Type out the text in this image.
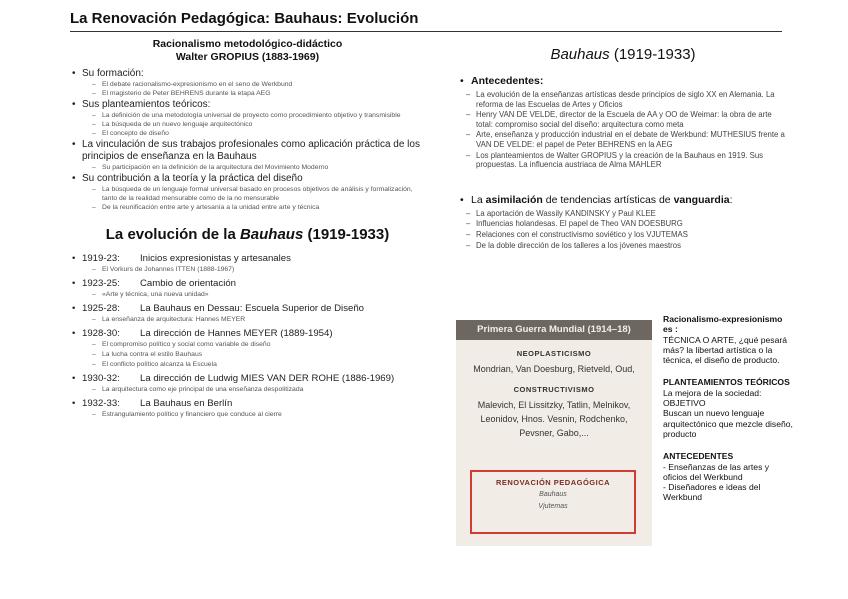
La Renovación Pedagógica: Bauhaus: Evolución
Racionalismo metodológico-didáctico
Walter GROPIUS (1883-1969)
• Su formación:
– El debate racionalismo-expresionismo en el seno de Werkbund
– El magisterio de Peter BEHRENS durante la etapa AEG
• Sus planteamientos teóricos:
– La definición de una metodología universal de proyecto como procedimiento objetivo y transmisible
– La búsqueda de un nuevo lenguaje arquitectónico
– El concepto de diseño
• La vinculación de sus trabajos profesionales como aplicación práctica de los principios de enseñanza en la Bauhaus
– Su participación en la definición de la arquitectura del Movimiento Moderno
• Su contribución a la teoría y la práctica del diseño
– La búsqueda de un lenguaje formal universal basado en procesos objetivos de análisis y formalización, tanto de la realidad mensurable como de la no mensurable
– De la reunificación entre arte y artesanía a la unidad entre arte y técnica
La evolución de la Bauhaus (1919-1933)
• 1919-23: Inicios expresionistas y artesanales
– El Vorkurs de Johannes ITTEN (1888-1967)
• 1923-25: Cambio de orientación
– «Arte y técnica, una nueva unidad»
• 1925-28: La Bauhaus en Dessau: Escuela Superior de Diseño
– La enseñanza de arquitectura: Hannes MEYER
• 1928-30: La dirección de Hannes MEYER (1889-1954)
– El compromiso político y social como variable de diseño
– La lucha contra el estilo Bauhaus
– El conflicto político alcanza la Escuela
• 1930-32: La dirección de Ludwig MIES VAN DER ROHE (1886-1969)
– La arquitectura como eje principal de una enseñanza despolitizada
• 1932-33: La Bauhaus en Berlín
– Estrangulamiento político y financiero que conduce al cierre
Bauhaus (1919-1933)
• Antecedentes:
– La evolución de la enseñanzas artísticas desde principios de siglo XX en Alemania. La reforma de las Escuelas de Artes y Oficios
– Henry VAN DE VELDE, director de la Escuela de AA y OO de Weimar: la obra de arte total: compromiso social del diseño: arquitectura como meta
– Arte, enseñanza y producción industrial en el debate de Werkbund: MUTHESIUS frente a VAN DE VELDE: el papel de Peter BEHRENS en la AEG
– Los planteamientos de Walter GROPIUS y la creación de la Bauhaus en 1919. Sus propuestas. La influencia austriaca de Alma MAHLER
• La asimilación de tendencias artísticas de vanguardia:
– La aportación de Wassily KANDINSKY y Paul KLEE
– Influencias holandesas. El papel de Theo VAN DOESBURG
– Relaciones con el constructivismo soviético y los VJUTEMAS
– De la doble dirección de los talleres a los jóvenes maestros
Primera Guerra Mundial (1914–18)
NEOPLASTICISMO
Mondrian, Van Doesburg, Rietveld, Oud,
CONSTRUCTIVISMO
Malevich, El Lissitzky, Tatlin, Melnikov, Leonidov, Hnos. Vesnin, Rodchenko, Pevsner, Gabo,...
RENOVACIÓN PEDAGÓGICA
Bauhaus
Vjutemas
Racionalismo-expresionismo es :
TÉCNICA O ARTE, ¿qué pesará más? la libertad artística o la técnica, el diseño de producto.
PLANTEAMIENTOS TEÓRICOS
La mejora de la sociedad:
OBJETIVO
Buscan un nuevo lenguaje arquitectónico que mezcle diseño, producto
ANTECEDENTES
- Enseñanzas de las artes y oficios del Werkbund
- Diseñadores e ideas del Werkbund
